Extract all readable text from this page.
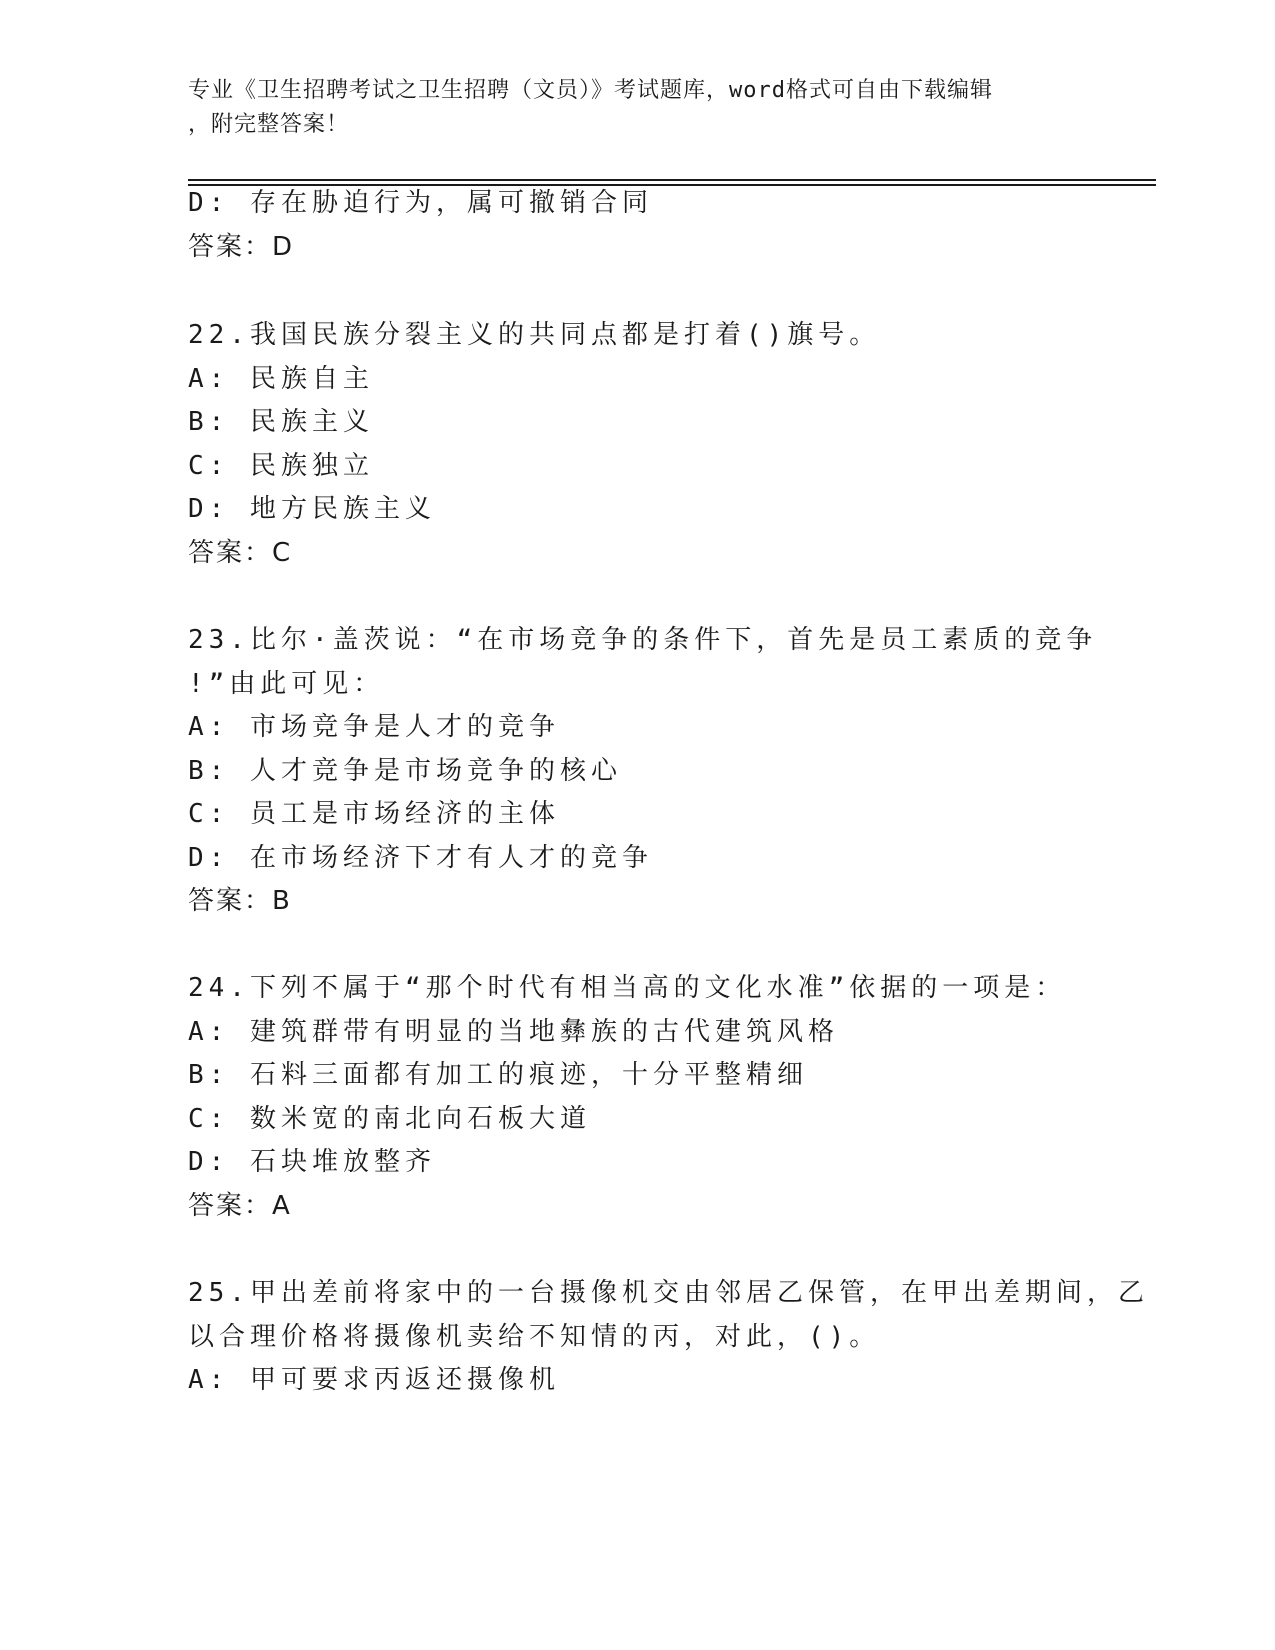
专业《卫生招聘考试之卫生招聘（文员）》考试题库，word格式可自由下载编辑
，附完整答案！
D: 存在胁迫行为，属可撤销合同
答案：D
22.我国民族分裂主义的共同点都是打着()旗号。
A: 民族自主
B: 民族主义
C: 民族独立
D: 地方民族主义
答案：C
23.比尔·盖茨说：“在市场竞争的条件下，首先是员工素质的竞争
!”由此可见：
A: 市场竞争是人才的竞争
B: 人才竞争是市场竞争的核心
C: 员工是市场经济的主体
D: 在市场经济下才有人才的竞争
答案：B
24.下列不属于“那个时代有相当高的文化水准”依据的一项是：
A: 建筑群带有明显的当地彝族的古代建筑风格
B: 石料三面都有加工的痕迹，十分平整精细
C: 数米宽的南北向石板大道
D: 石块堆放整齐
答案：A
25.甲出差前将家中的一台摄像机交由邻居乙保管，在甲出差期间，乙
以合理价格将摄像机卖给不知情的丙，对此，()。
A: 甲可要求丙返还摄像机
